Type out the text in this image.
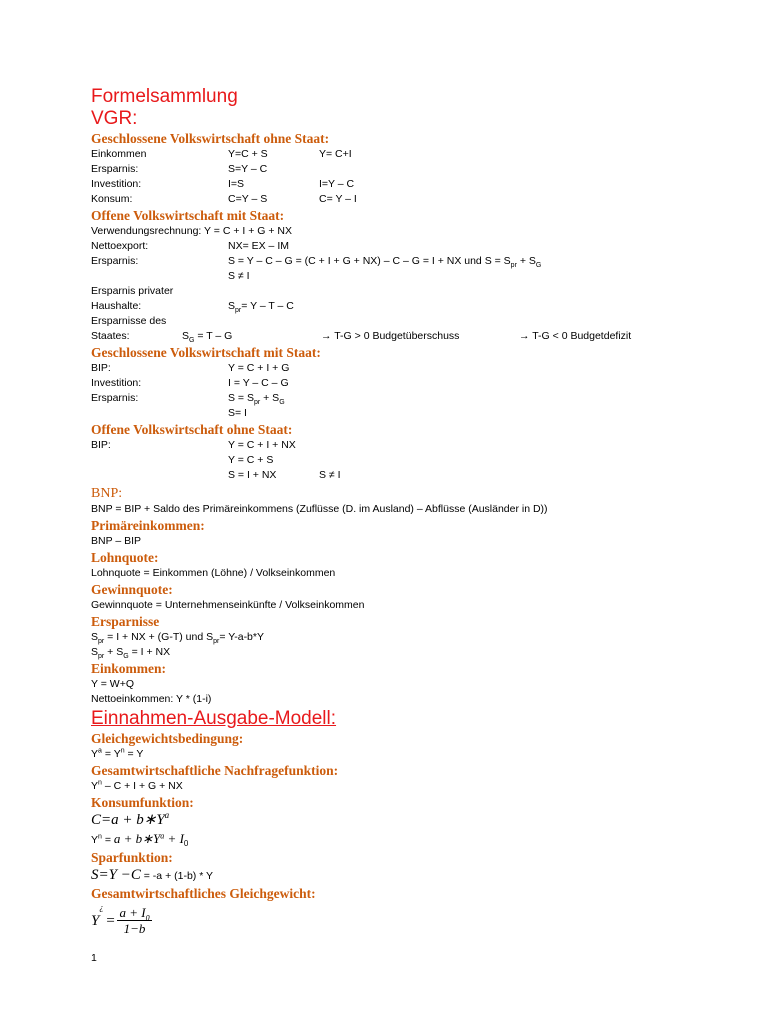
Formelsammlung
VGR:
Geschlossene Volkswirtschaft ohne Staat:
Einkommen	Y=C + S	Y= C+I
Ersparnis:	S=Y – C
Investition:	I=S	I=Y – C
Konsum:	C=Y – S	C= Y – I
Offene Volkswirtschaft mit Staat:
Verwendungsrechnung: Y = C + I + G + NX
Nettoexport:	NX= EX – IM
Ersparnis:	S = Y – C – G = (C + I + G + NX) – C – G = I + NX und $S = S_{pr} + S_G$
S ≠ I
Ersparnis privater
Haushalte:	$S_{pr}= Y - T - C$
Ersparnisse des
Staates:	$S_G = T - G$	→ T-G > 0 Budgetüberschuss	→ T-G < 0 Budgetdefizit
Geschlossene Volkswirtschaft mit Staat:
BIP:	Y = C + I + G
Investition:	I = Y – C – G
Ersparnis:	$S = S_{pr} + S_G$
S= I
Offene Volkswirtschaft ohne Staat:
BIP:	Y = C + I + NX
Y = C + S
S = I + NX	S ≠ I
BNP:
BNP = BIP + Saldo des Primäreinkommens (Zuflüsse (D. im Ausland) – Abflüsse (Ausländer in D))
Primäreinkommen:
BNP – BIP
Lohnquote:
Lohnquote = Einkommen (Löhne) / Volkseinkommen
Gewinnquote:
Gewinnquote = Unternehmenseinkünfte / Volkseinkommen
Ersparnisse
$S_{pr} = I$ + NX + (G-T) und $S_{pr}= Y-a-b*Y$
$S_{pr} + S_G = I$ + NX
Einkommen:
Y = W+Q
Nettoeinkommen: Y * (1-i)
Einnahmen-Ausgabe-Modell:
Gleichgewichtsbedingung:
$Y^a = Y^n = Y$
Gesamtwirtschaftliche Nachfragefunktion:
$Y^n - C + I + G$ + NX
Konsumfunktion:
$C=a + b∗Y^a$
$Y^n = a$ + $b∗Y^a + I_0$
Sparfunktion:
S=Y −C = -a + (1-b) * Y
Gesamtwirtschaftliches Gleichgewicht:
Y
¿
= $\frac{a + I_0}{1-b}$
1
